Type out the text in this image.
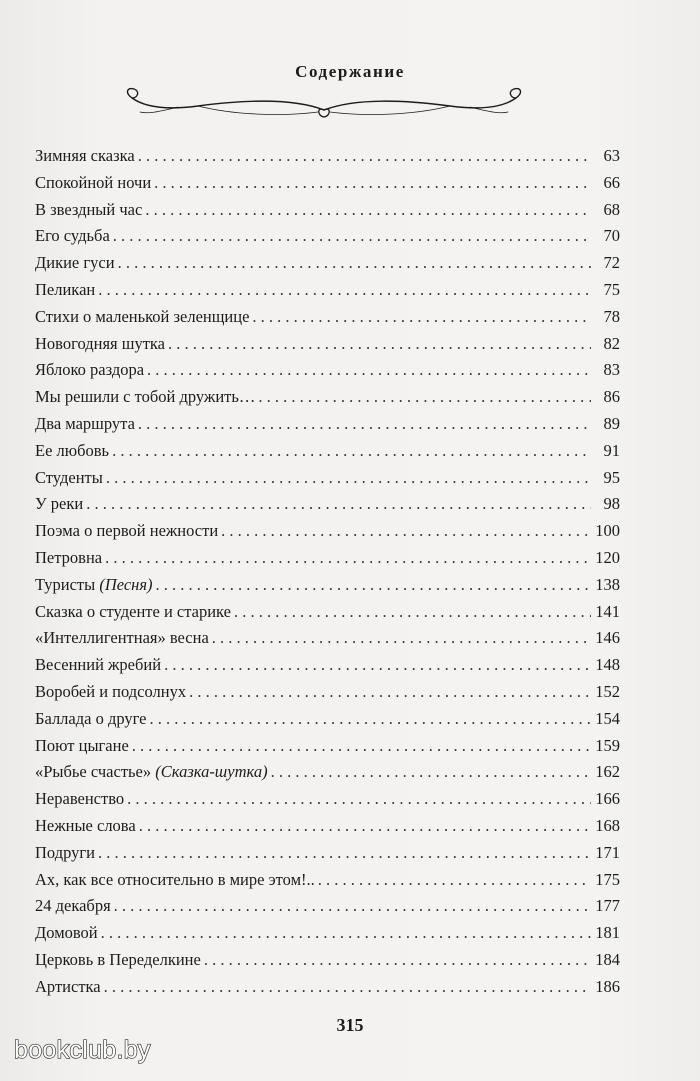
Содержание
Зимняя сказка . . .	63
Спокойной ночи . . .	66
В звездный час . . .	68
Его судьба . . .	70
Дикие гуси . . .	72
Пеликан . . .	75
Стихи о маленькой зеленщице . . .	78
Новогодняя шутка . . .	82
Яблоко раздора . . .	83
Мы решили с тобой дружить… . . .	86
Два маршрута . . .	89
Ее любовь . . .	91
Студенты . . .	95
У реки . . .	98
Поэма о первой нежности . . .	100
Петровна . . .	120
Туристы (Песня) . . .	138
Сказка о студенте и старике . . .	141
«Интеллигентная» весна . . .	146
Весенний жребий . . .	148
Воробей и подсолнух . . .	152
Баллада о друге . . .	154
Поют цыгане . . .	159
«Рыбье счастье» (Сказка-шутка) . . .	162
Неравенство . . .	166
Нежные слова . . .	168
Подруги . . .	171
Ах, как все относительно в мире этом!.. . . .	175
24 декабря . . .	177
Домовой . . .	181
Церковь в Переделкине . . .	184
Артистка . . .	186
315
bookclub.by
